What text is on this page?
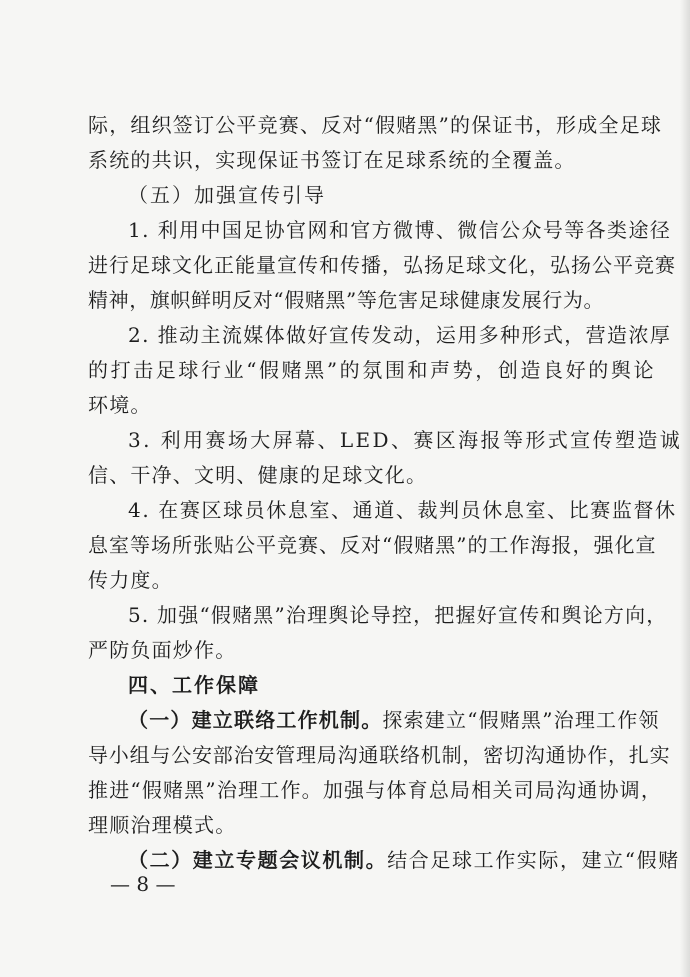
际，组织签订公平竞赛、反对“假赌黑”的保证书，形成全足球
系统的共识，实现保证书签订在足球系统的全覆盖。
（五）加强宣传引导
1. 利用中国足协官网和官方微博、微信公众号等各类途径
进行足球文化正能量宣传和传播，弘扬足球文化，弘扬公平竞赛
精神，旗帜鲜明反对“假赌黑”等危害足球健康发展行为。
2. 推动主流媒体做好宣传发动，运用多种形式，营造浓厚
的打击足球行业“假赌黑”的氛围和声势，创造良好的舆论
环境。
3. 利用赛场大屏幕、LED、赛区海报等形式宣传塑造诚
信、干净、文明、健康的足球文化。
4. 在赛区球员休息室、通道、裁判员休息室、比赛监督休
息室等场所张贴公平竞赛、反对“假赌黑”的工作海报，强化宣
传力度。
5. 加强“假赌黑”治理舆论导控，把握好宣传和舆论方向，
严防负面炒作。
四、工作保障
（一）建立联络工作机制。探索建立“假赌黑”治理工作领
导小组与公安部治安管理局沟通联络机制，密切沟通协作，扎实
推进“假赌黑”治理工作。加强与体育总局相关司局沟通协调，
理顺治理模式。
（二）建立专题会议机制。结合足球工作实际，建立“假赌
— 8 —
